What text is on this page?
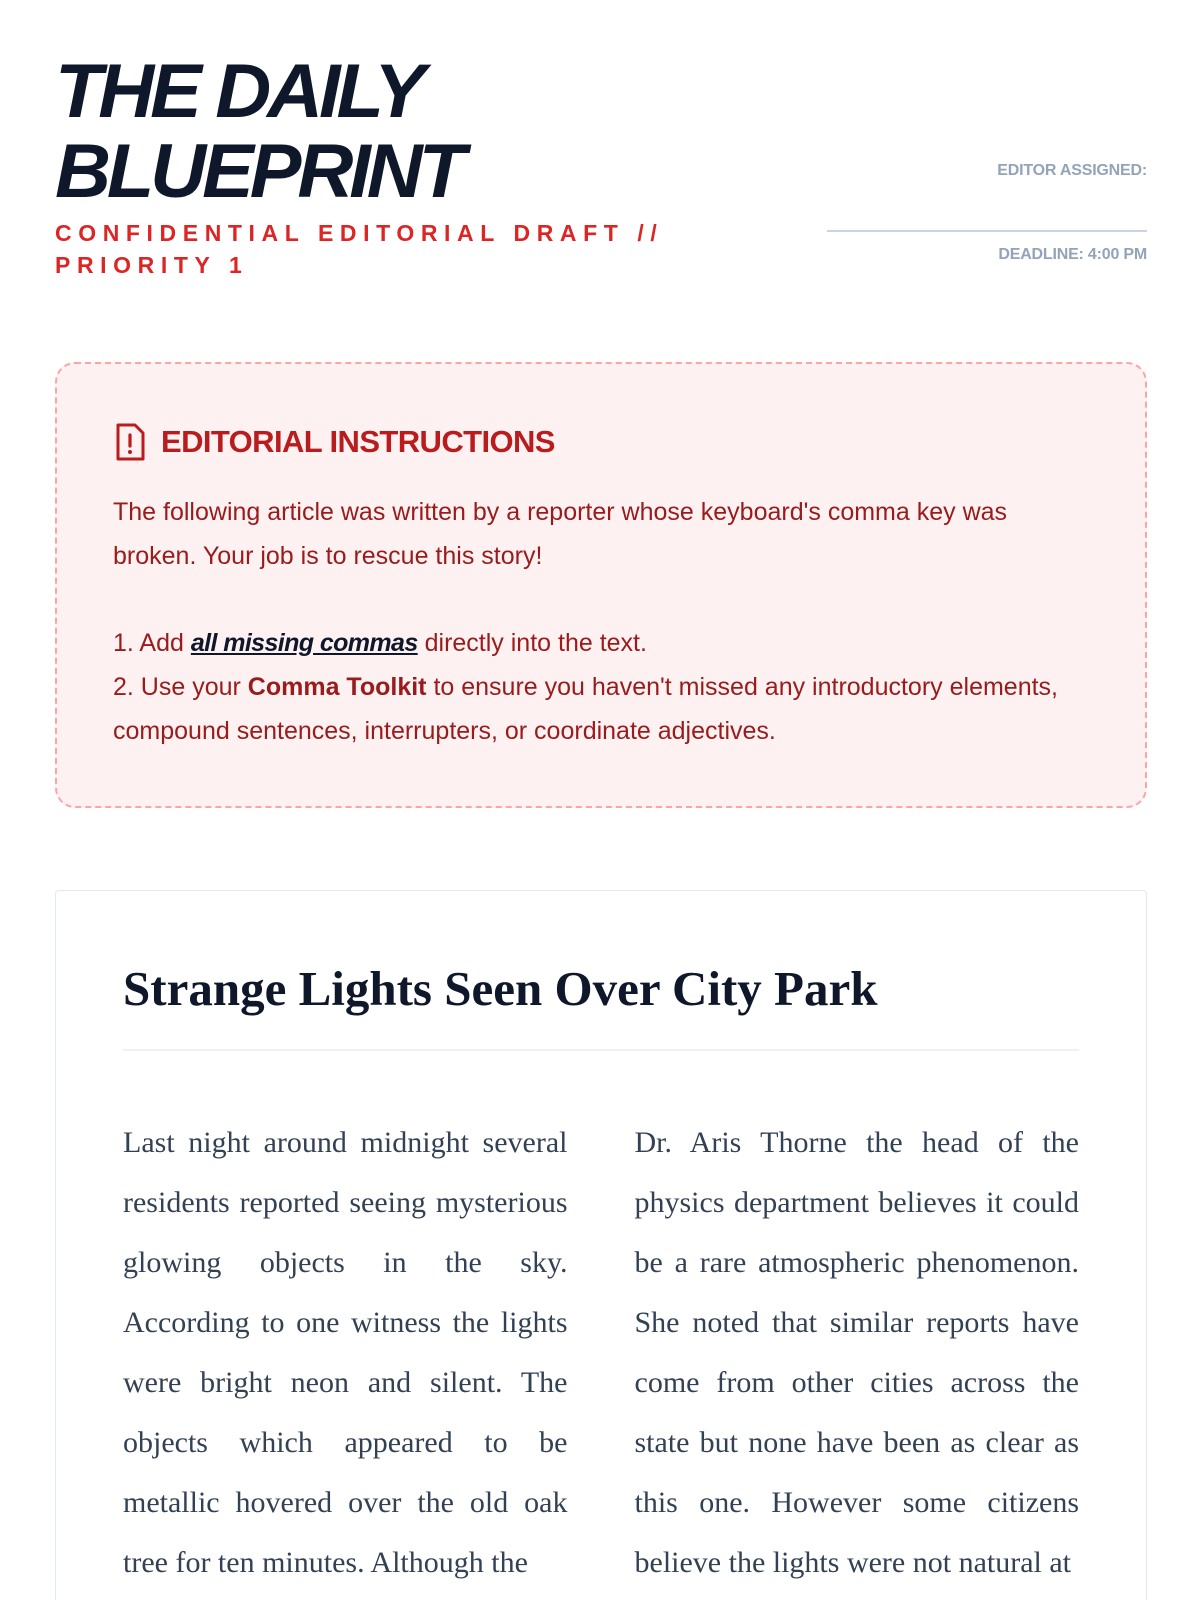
THE DAILY BLUEPRINT
CONFIDENTIAL EDITORIAL DRAFT // PRIORITY 1
EDITOR ASSIGNED:
DEADLINE: 4:00 PM
EDITORIAL INSTRUCTIONS

The following article was written by a reporter whose keyboard's comma key was broken. Your job is to rescue this story!

1. Add all missing commas directly into the text.

2. Use your Comma Toolkit to ensure you haven't missed any introductory elements, compound sentences, interrupters, or coordinate adjectives.

Strange Lights Seen Over City Park
Last night around midnight several residents reported seeing mysterious glowing objects in the sky. According to one witness the lights were bright neon and silent. The objects which appeared to be metallic hovered over the old oak tree for ten minutes. Although the
Dr. Aris Thorne the head of the physics department believes it could be a rare atmospheric phenomenon. She noted that similar reports have come from other cities across the state but none have been as clear as this one. However some citizens believe the lights were not natural at
